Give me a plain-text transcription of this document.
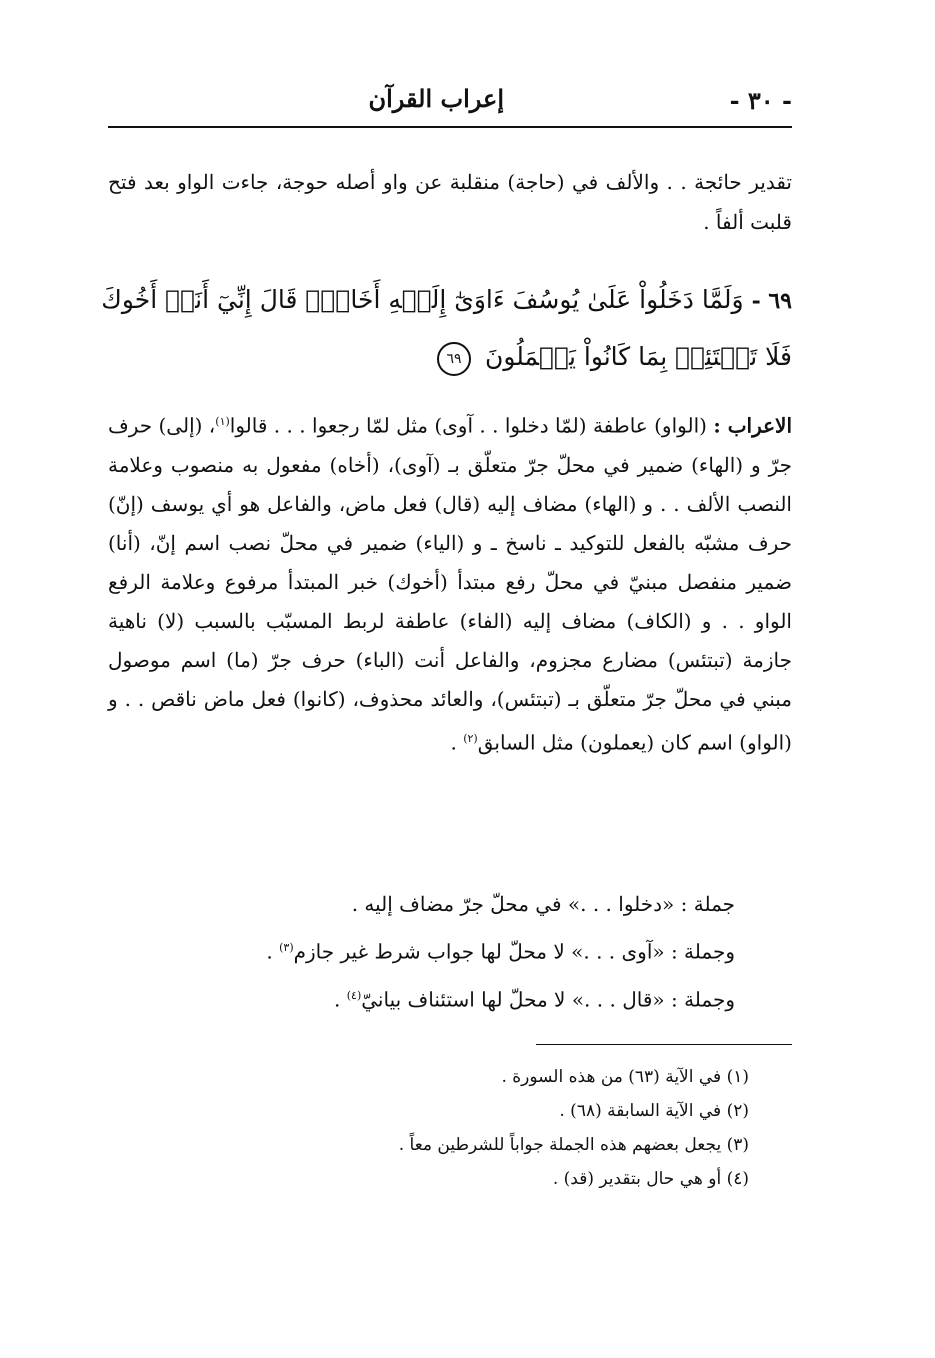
- ٣٠ -
إعراب القرآن

تقدير حائجة . . والألف في (حاجة) منقلبة عن واو أصله حوجة، جاءت الواو بعد فتح قلبت ألفاً .

٦٩ - وَلَمَّا دَخَلُواْ عَلَىٰ يُوسُفَ ءَاوَىٰٓ إِلَيۡهِ أَخَاهُۖ قَالَ إِنِّيٓ أَنَا۠ أَخُوكَ
فَلَا تَبۡتَئِسۡ بِمَا كَانُواْ يَعۡمَلُونَ ٦٩

الاعراب : (الواو) عاطفة (لمّا دخلوا . . آوى) مثل لمّا رجعوا . . . قالوا$^{(١)}$، (إلى) حرف جرّ و (الهاء) ضمير في محلّ جرّ متعلّق بـ (آوى)، (أخاه) مفعول به منصوب وعلامة النصب الألف . . و (الهاء) مضاف إليه (قال) فعل ماض، والفاعل هو أي يوسف (إنّ) حرف مشبّه بالفعل للتوكيد ـ ناسخ ـ و (الياء) ضمير في محلّ نصب اسم إنّ، (أنا) ضمير منفصل مبنيّ في محلّ رفع مبتدأ (أخوك) خبر المبتدأ مرفوع وعلامة الرفع الواو . . و (الكاف) مضاف إليه (الفاء) عاطفة لربط المسبّب بالسبب (لا) ناهية جازمة (تبتئس) مضارع مجزوم، والفاعل أنت (الباء) حرف جرّ (ما) اسم موصول مبني في محلّ جرّ متعلّق بـ (تبتئس)، والعائد محذوف، (كانوا) فعل ماض ناقص . . و (الواو) اسم كان (يعملون) مثل السابق$^{(٢)}$ .

جملة : «دخلوا . . .» في محلّ جرّ مضاف إليه .
وجملة : «آوى . . .» لا محلّ لها جواب شرط غير جازم$^{(٣)}$ .
وجملة : «قال . . .» لا محلّ لها استئناف بيانيّ$^{(٤)}$ .
(١) في الآية (٦٣) من هذه السورة .
(٢) في الآية السابقة (٦٨) .
(٣) يجعل بعضهم هذه الجملة جواباً للشرطين معاً .
(٤) أو هي حال بتقدير (قد) .
